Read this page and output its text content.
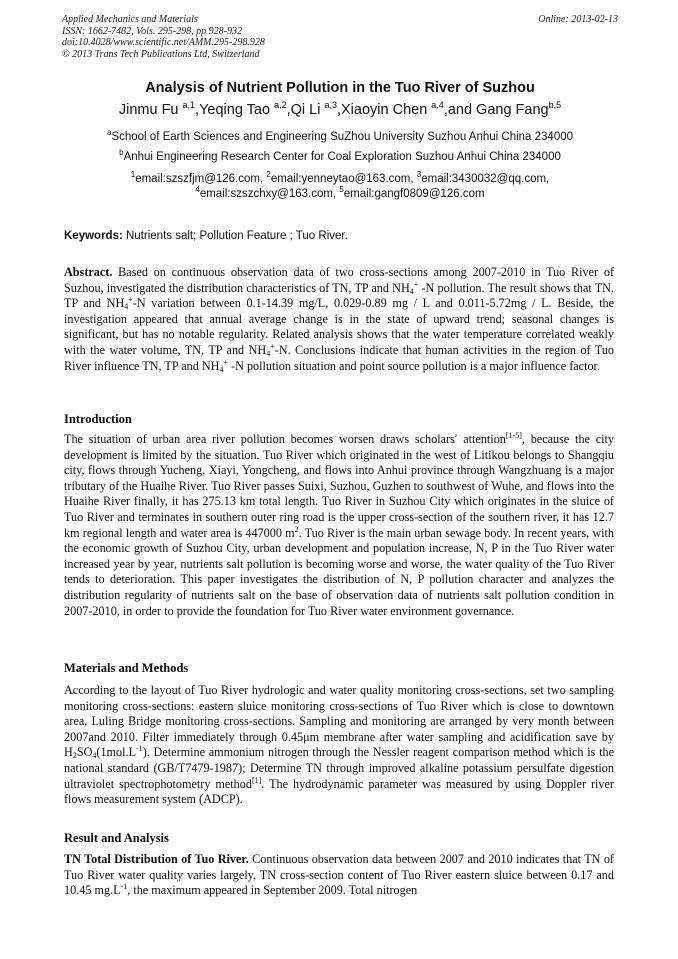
Applied Mechanics and Materials	Online: 2013-02-13
ISSN: 1662-7482, Vols. 295-298, pp 928-932
doi:10.4028/www.scientific.net/AMM.295-298.928
© 2013 Trans Tech Publications Ltd, Switzerland
Analysis of Nutrient Pollution in the Tuo River of Suzhou
Jinmu Fu $^{a,1}$,Yeqing Tao $^{a,2}$,Qi Li $^{a,3}$,Xiaoyin Chen $^{a,4}$,and Gang Fang$^{b,5}$
$^a$School of Earth Sciences and Engineering SuZhou University Suzhou Anhui China 234000
$^b$Anhui Engineering Research Center for Coal Exploration Suzhou Anhui China 234000
$^1$email:szszfjm@126.com, $^2$email:yenneytao@163.com, $^3$email:3430032@qq.com,
$^4$email:szszchxy@163.com, $^5$email:gangf0809@126.com
Keywords: Nutrients salt; Pollution Feature ; Tuo River.
Abstract. Based on continuous observation data of two cross-sections among 2007-2010 in Tuo River of Suzhou, investigated the distribution characteristics of TN, TP and $NH_4^+$ -N pollution. The result shows that TN, TP and $NH_4^+-N$ variation between 0.1-14.39 mg/L, 0.029-0.89 mg / L and 0.011-5.72mg / L. Beside, the investigation appeared that annual average change is in the state of upward trend; seasonal changes is significant, but has no notable regularity. Related analysis shows that the water temperature correlated weakly with the water volume, TN, TP and $NH_4^+-N$. Conclusions indicate that human activities in the region of Tuo River influence TN, TP and $NH_4^+$ -N pollution situation and point source pollution is a major influence factor.
Introduction
The situation of urban area river pollution becomes worsen draws scholars′ attention[1-5], because the city development is limited by the situation. Tuo River which originated in the west of Litikou belongs to Shangqiu city, flows through Yucheng, Xiayi, Yongcheng, and flows into Anhui province through Wangzhuang is a major tributary of the Huaihe River. Tuo River passes Suixi, Suzhou, Guzhen to southwest of Wuhe, and flows into the Huaihe River finally, it has 275.13 km total length. Tuo River in Suzhou City which originates in the sluice of Tuo River and terminates in southern outer ring road is the upper cross-section of the southern river, it has 12.7 km regional length and water area is 447000 $m^2$. Tuo River is the main urban sewage body. In recent years, with the economic growth of Suzhou City, urban development and population increase, N, P in the Tuo River water increased year by year, nutrients salt pollution is becoming worse and worse, the water quality of the Tuo River tends to deterioration. This paper investigates the distribution of N, P pollution character and analyzes the distribution regularity of nutrients salt on the base of observation data of nutrients salt pollution condition in 2007-2010, in order to provide the foundation for Tuo River water environment governance.
Materials and Methods
According to the layout of Tuo River hydrologic and water quality monitoring cross-sections, set two sampling monitoring cross-sections: eastern sluice monitoring cross-sections of Tuo River which is close to downtown area, Luling Bridge monitoring cross-sections. Sampling and monitoring are arranged by very month between 2007and 2010. Filter immediately through 0.45μm membrane after water sampling and acidification save by $H_2SO_4(1mol.L^{-1})$. Determine ammonium nitrogen through the Nessler reagent comparison method which is the national standard (GB/T7479-1987); Determine TN through improved alkaline potassium persulfate digestion ultraviolet spectrophotometry method[1]. The hydrodynamic parameter was measured by using Doppler river flows measurement system (ADCP).
Result and Analysis
TN Total Distribution of Tuo River. Continuous observation data between 2007 and 2010 indicates that TN of Tuo River water quality varies largely, TN cross-section content of Tuo River eastern sluice between 0.17 and 10.45 $mg.L^{-1}$, the maximum appeared in September 2009. Total nitrogen
